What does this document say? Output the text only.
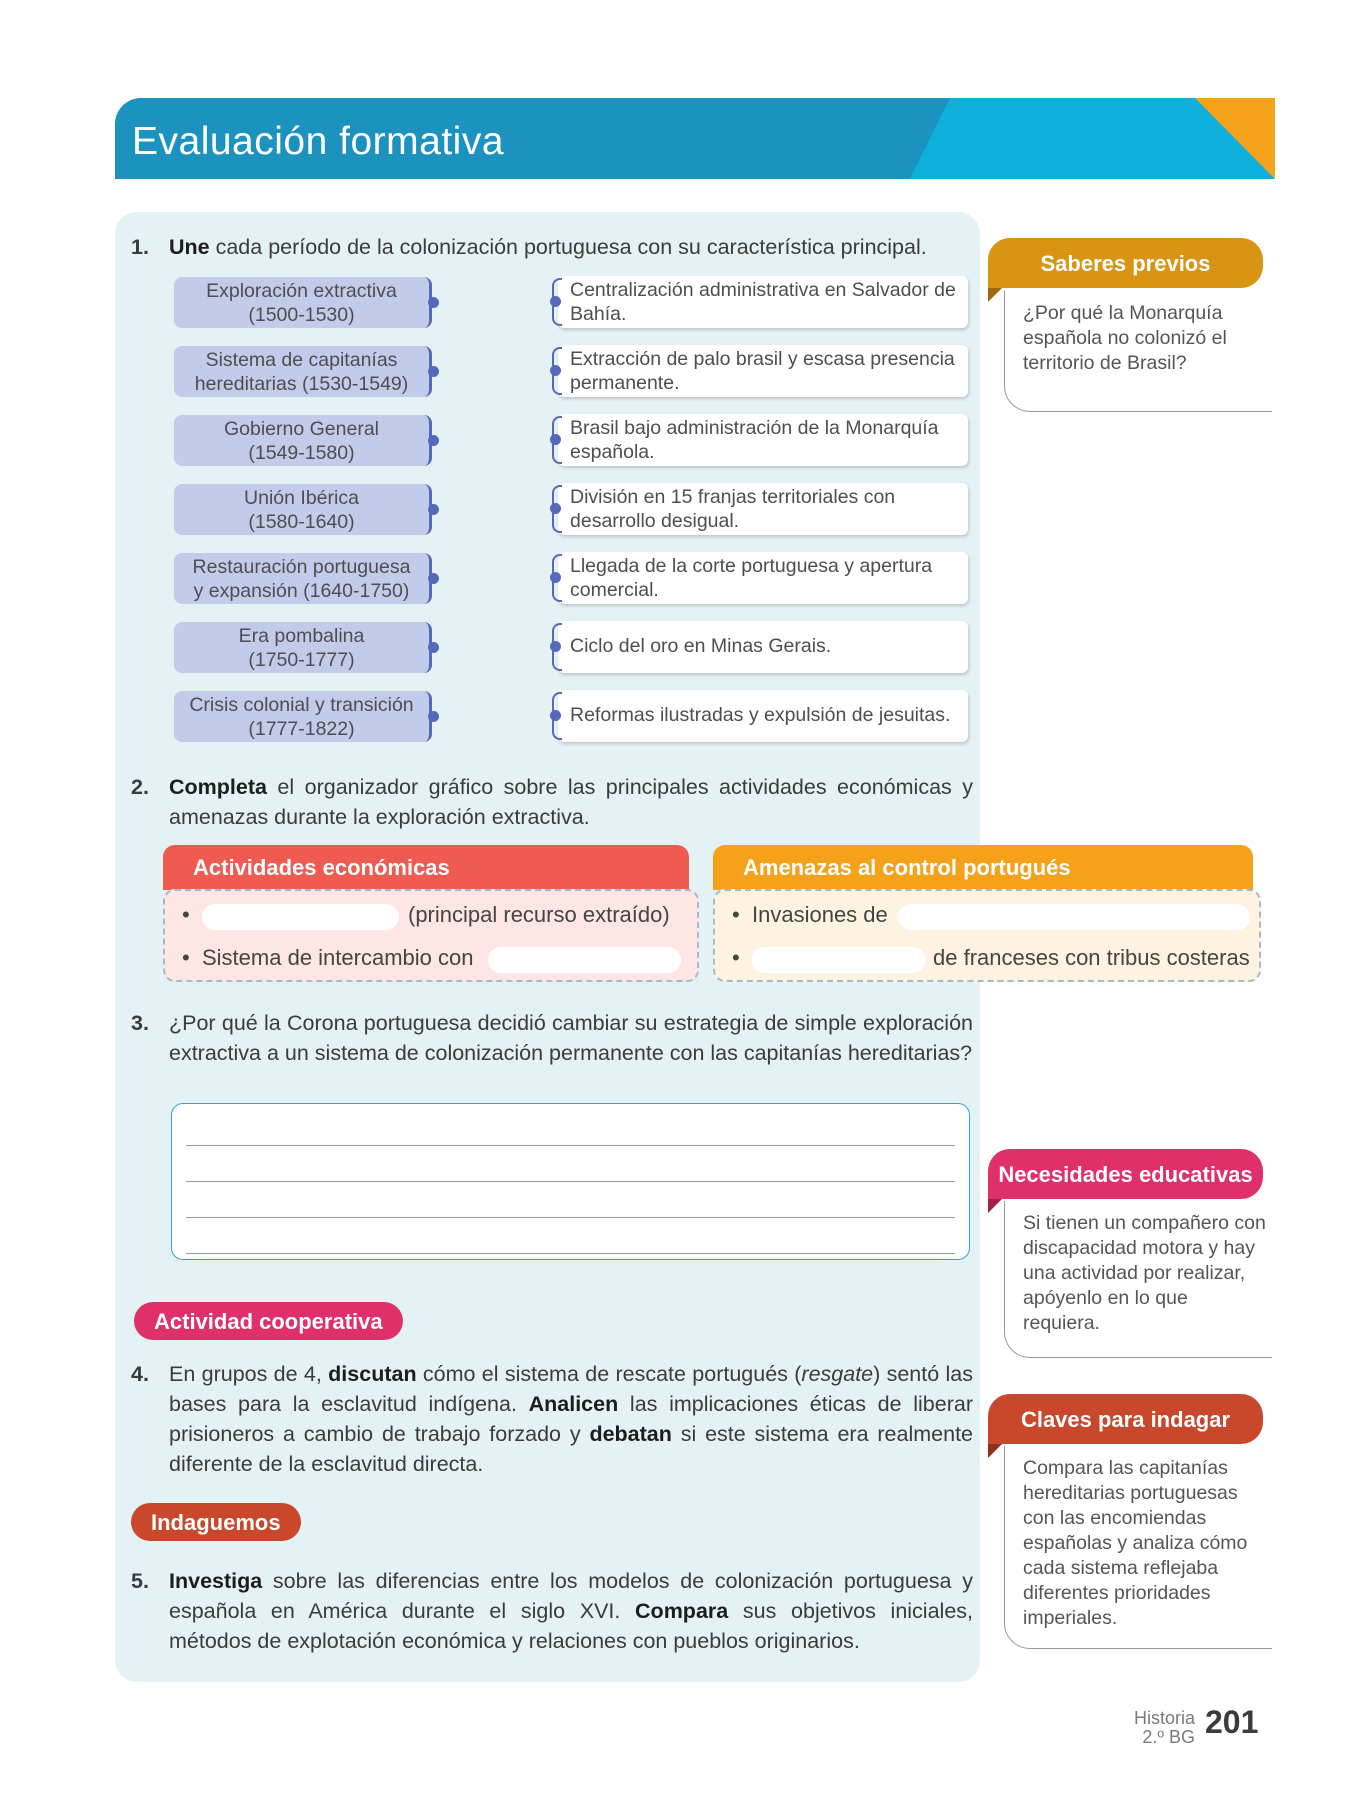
Evaluación formativa
DUA
Acción y expresión
1. Une cada período de la colonización portuguesa con su característica principal.
Exploración extractiva
(1500-1530)
Sistema de capitanías
hereditarias (1530-1549)
Gobierno General
(1549-1580)
Unión Ibérica
(1580-1640)
Restauración portuguesa
y expansión (1640-1750)
Era pombalina
(1750-1777)
Crisis colonial y transición
(1777-1822)
Centralización administrativa en Salvador de Bahía.
Extracción de palo brasil y escasa presencia permanente.
Brasil bajo administración de la Monarquía española.
División en 15 franjas territoriales con desarrollo desigual.
Llegada de la corte portuguesa y apertura comercial.
Ciclo del oro en Minas Gerais.
Reformas ilustradas y expulsión de jesuitas.
2. Completa el organizador gráfico sobre las principales actividades económicas y amenazas durante la exploración extractiva.
Actividades económicas
•	(principal recurso extraído)
• Sistema de intercambio con
Amenazas al control portugués
• Invasiones de
•	de franceses con tribus costeras
3. ¿Por qué la Corona portuguesa decidió cambiar su estrategia de simple exploración extractiva a un sistema de colonización permanente con las capitanías hereditarias?
Actividad cooperativa
4. En grupos de 4, discutan cómo el sistema de rescate portugués (resgate) sentó las bases para la esclavitud indígena. Analicen las implicaciones éticas de liberar prisioneros a cambio de trabajo forzado y debatan si este sistema era realmente diferente de la esclavitud directa.
Indaguemos
5. Investiga sobre las diferencias entre los modelos de colonización portuguesa y española en América durante el siglo XVI. Compara sus objetivos iniciales, métodos de explotación económica y relaciones con pueblos originarios.
Saberes previos
¿Por qué la Monarquía española no colonizó el territorio de Brasil?
Necesidades educativas
Si tienen un compañero con discapacidad motora y hay una actividad por realizar, apóyenlo en lo que requiera.
Claves para indagar
Compara las capitanías hereditarias portuguesas con las encomiendas españolas y analiza cómo cada sistema reflejaba diferentes prioridades imperiales.
Historia
2.º BG 201
